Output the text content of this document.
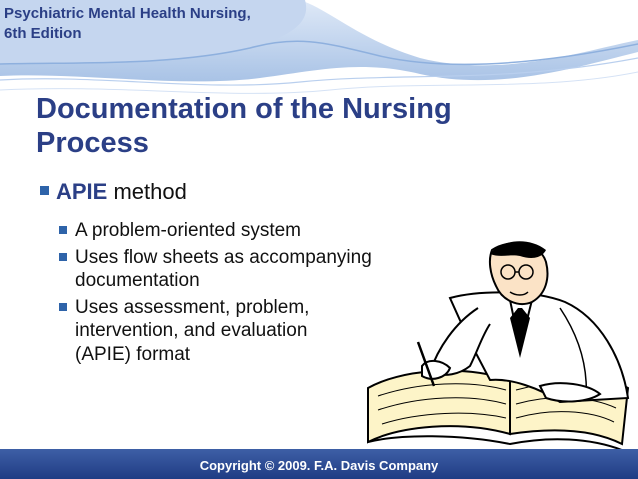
Psychiatric Mental Health Nursing,
6th Edition
Documentation of the Nursing
Process
APIE method
A problem-oriented system
Uses flow sheets as accompanying
documentation
Uses assessment, problem,
intervention, and evaluation
(APIE) format
Copyright © 2009. F.A. Davis Company
